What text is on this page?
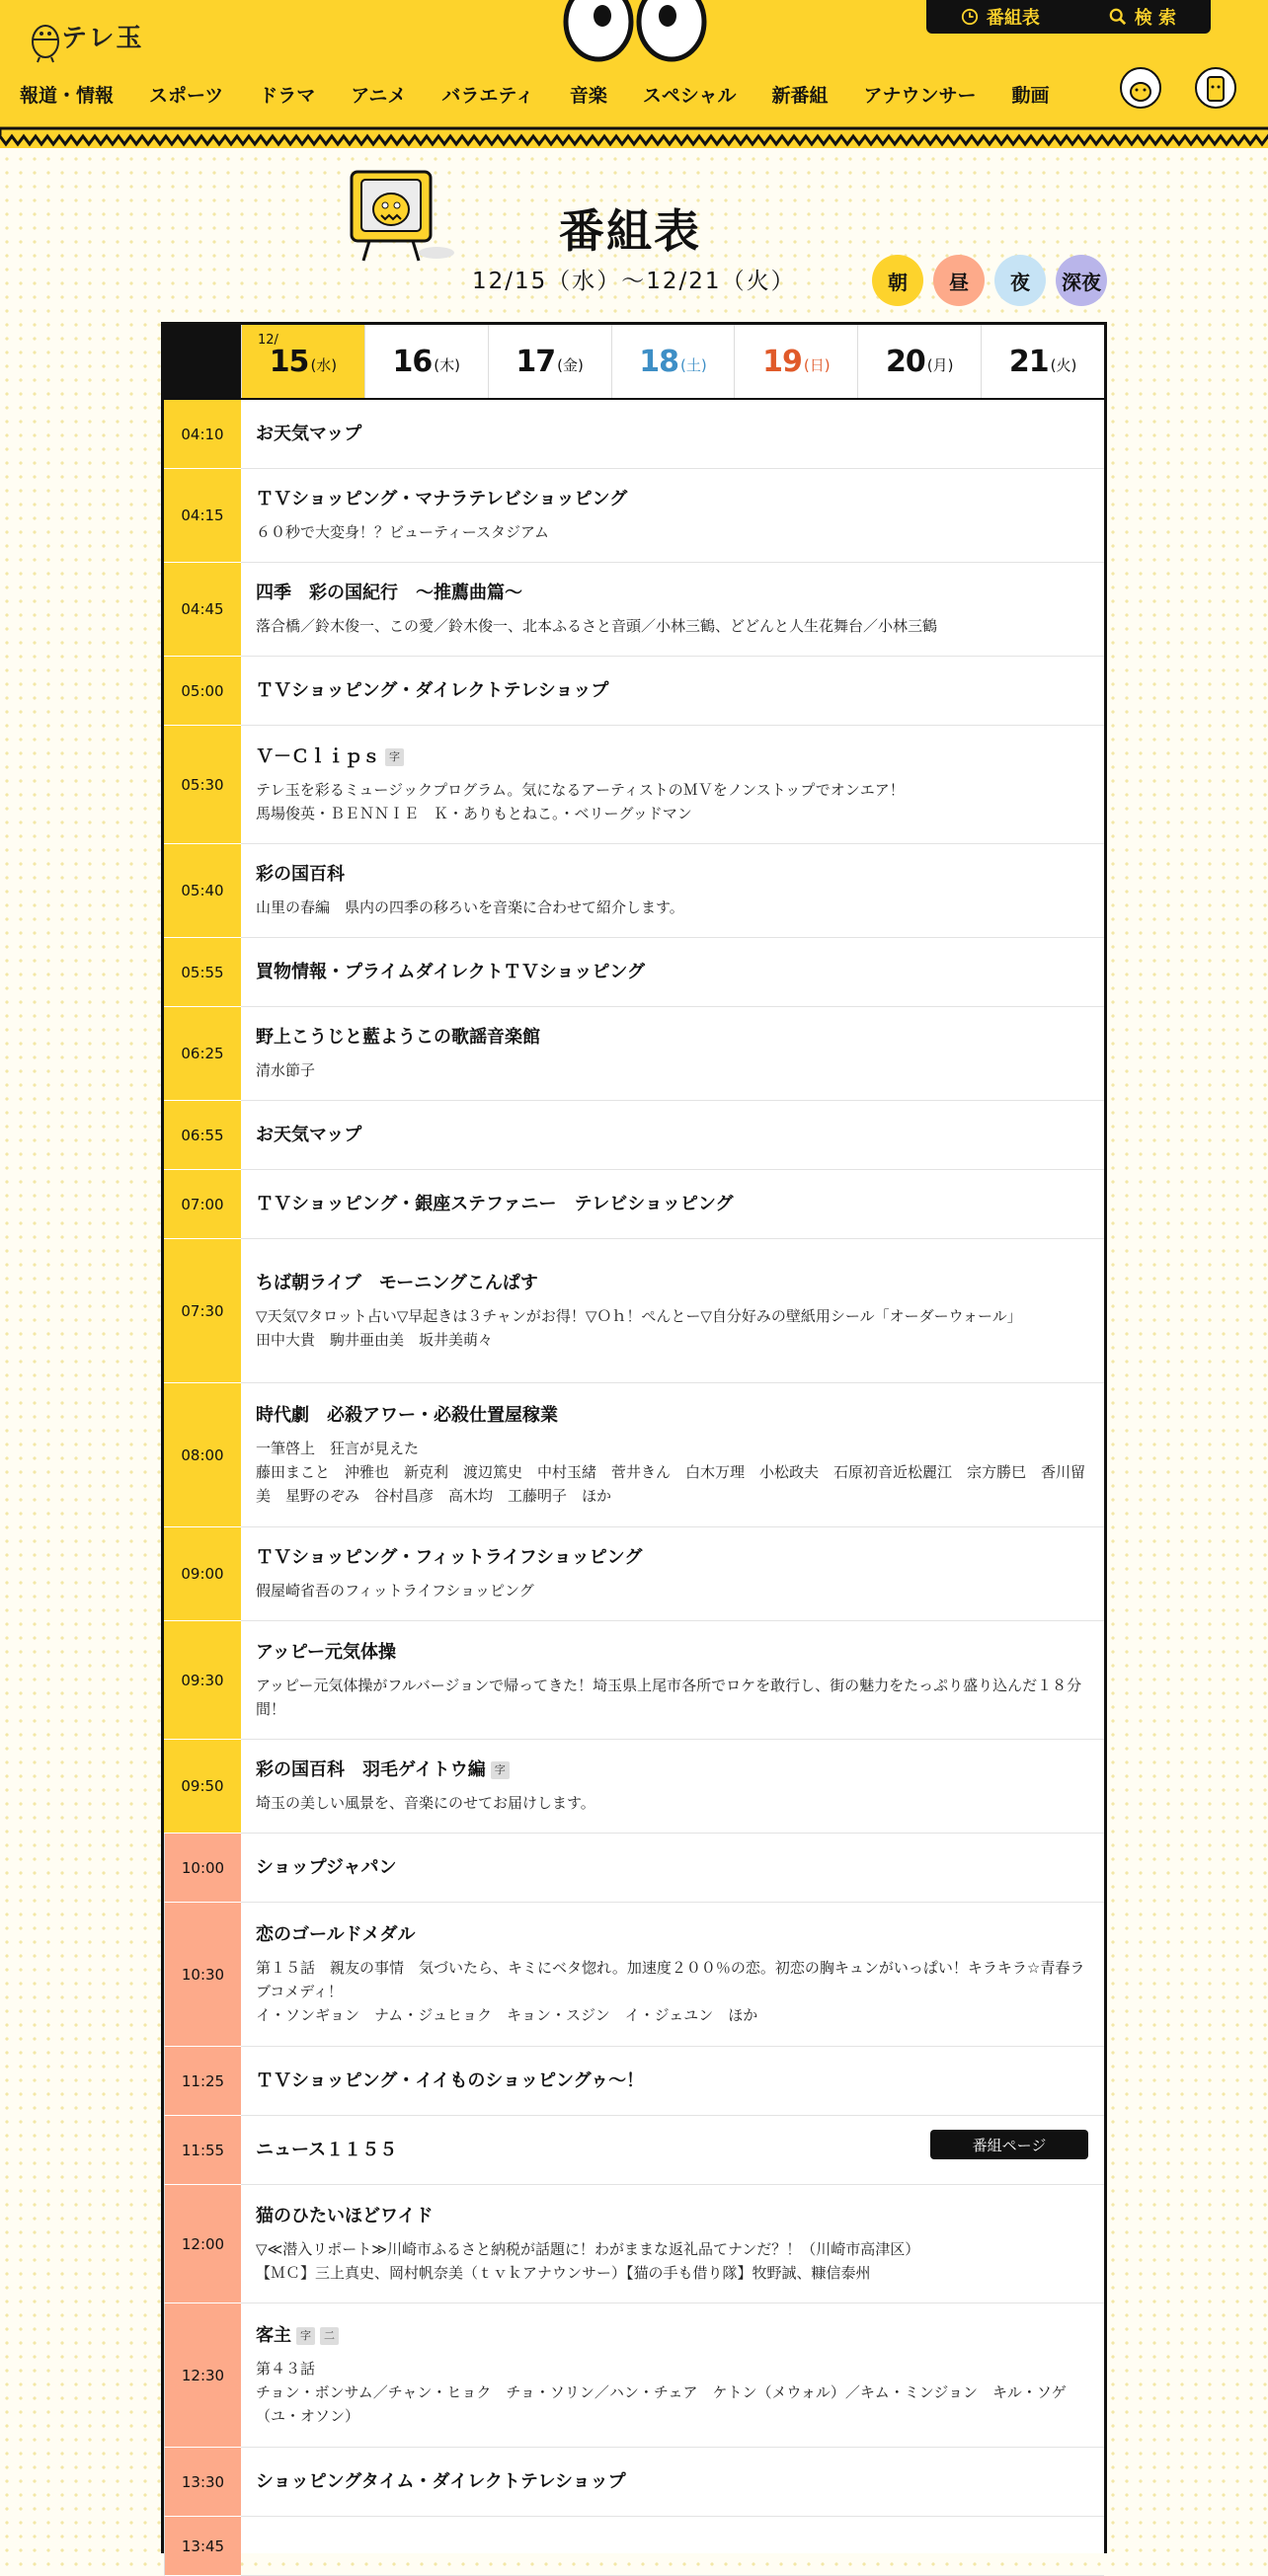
テレ玉
番組表	検 索
報道・情報 スポーツ ドラマ アニメ バラエティ 音楽 スペシャル 新番組 アナウンサー 動画
番組表
12/15（水）〜12/21（火）	朝	昼	夜	深夜
12/
15 (水) 16 (木) 17 (金) 18 (土) 19 (日) 20 (月) 21 (火)
04:10	お天気マップ
04:15
ＴＶショッピング・マナラテレビショッピング
６０秒で大変身！？ビューティースタジアム
04:45
四季　彩の国紀行　～推薦曲篇～
落合橋／鈴木俊一、この愛／鈴木俊一、北本ふるさと音頭／小林三鶴、どどんと人生花舞台／小林三鶴
05:00	ＴＶショッピング・ダイレクトテレショップ
05:30
Ｖ－Ｃｌｉｐｓ 字
テレ玉を彩るミュージックプログラム。気になるアーティストのＭＶをノンストップでオンエア！
馬場俊英・ＢＥＮＮＩＥ　Ｋ・ありもとねこ。・ベリーグッドマン
05:40
彩の国百科
山里の春編　県内の四季の移ろいを音楽に合わせて紹介します。
05:55	買物情報・プライムダイレクトＴＶショッピング
06:25
野上こうじと藍ようこの歌謡音楽館
清水節子
06:55	お天気マップ
07:00	ＴＶショッピング・銀座ステファニー　テレビショッピング
07:30
ちば朝ライブ　モーニングこんぱす
▽天気▽タロット占い▽早起きは３チャンがお得！▽Ｏｈ！ぺんとー▽自分好みの壁紙用シール「オーダーウォール」
田中大貴　駒井亜由美　坂井美萌々
08:00
時代劇　必殺アワー・必殺仕置屋稼業
一筆啓上　狂言が見えた
藤田まこと　沖雅也　新克利　渡辺篤史　中村玉緒　菅井きん　白木万理　小松政夫　石原初音近松麗江　宗方勝巳　香川留美　星野のぞみ　谷村昌彦　高木均　工藤明子　ほか
09:00
ＴＶショッピング・フィットライフショッピング
假屋崎省吾のフィットライフショッピング
09:30
アッピー元気体操
アッピー元気体操がフルバージョンで帰ってきた！埼玉県上尾市各所でロケを敢行し、街の魅力をたっぷり盛り込んだ１８分間！
09:50
彩の国百科　羽毛ゲイトウ編 字
埼玉の美しい風景を、音楽にのせてお届けします。
10:00	ショップジャパン
10:30
恋のゴールドメダル
第１５話　親友の事情　気づいたら、キミにベタ惚れ。加速度２００％の恋。初恋の胸キュンがいっぱい！キラキラ☆青春ラブコメディ！
イ・ソンギョン　ナム・ジュヒョク　キョン・スジン　イ・ジェユン　ほか
11:25	ＴＶショッピング・イイものショッピングゥ～！
11:55	ニュース１１５５	番組ページ
12:00
猫のひたいほどワイド
▽≪潜入リポート≫川崎市ふるさと納税が話題に！わがままな返礼品てナンだ？！（川崎市高津区）
【ＭＣ】三上真史、岡村帆奈美（ｔｖｋアナウンサー）【猫の手も借り隊】牧野誠、糠信泰州
12:30
客主 字 二
第４３話
チョン・ボンサム／チャン・ヒョク　チョ・ソリン／ハン・チェア　ケトン（メウォル）／キム・ミンジョン　キル・ソゲ（ユ・オソン）
13:30	ショッピングタイム・ダイレクトテレショップ
13:45
